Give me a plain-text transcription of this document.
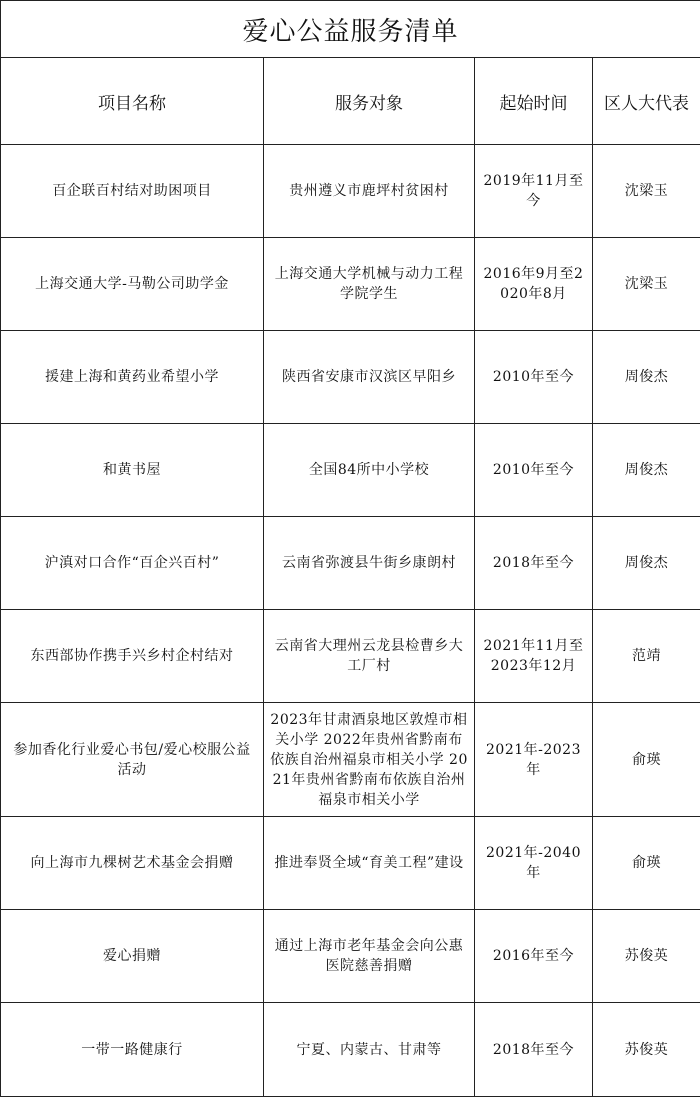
爱心公益服务清单			
项目名称	服务对象	起始时间	区人大代表
百企联百村结对助困项目	贵州遵义市鹿坪村贫困村	2019年11月至今	沈梁玉
上海交通大学-马勒公司助学金	上海交通大学机械与动力工程学院学生	2016年9月至2020年8月	沈梁玉
援建上海和黄药业希望小学	陕西省安康市汉滨区早阳乡	2010年至今	周俊杰
和黄书屋	全国84所中小学校	2010年至今	周俊杰
沪滇对口合作“百企兴百村”	云南省弥渡县牛街乡康朗村	2018年至今	周俊杰
东西部协作携手兴乡村企村结对	云南省大理州云龙县检曹乡大工厂村	2021年11月至2023年12月	范靖
参加香化行业爱心书包/爱心校服公益活动	2023年甘肃酒泉地区敦煌市相关小学 2022年贵州省黔南布依族自治州福泉市相关小学 2021年贵州省黔南布依族自治州福泉市相关小学	2021年-2023年	俞瑛
向上海市九棵树艺术基金会捐赠	推进奉贤全域“育美工程”建设	2021年-2040年	俞瑛
爱心捐赠	通过上海市老年基金会向公惠医院慈善捐赠	2016年至今	苏俊英
一带一路健康行	宁夏、内蒙古、甘肃等	2018年至今	苏俊英
